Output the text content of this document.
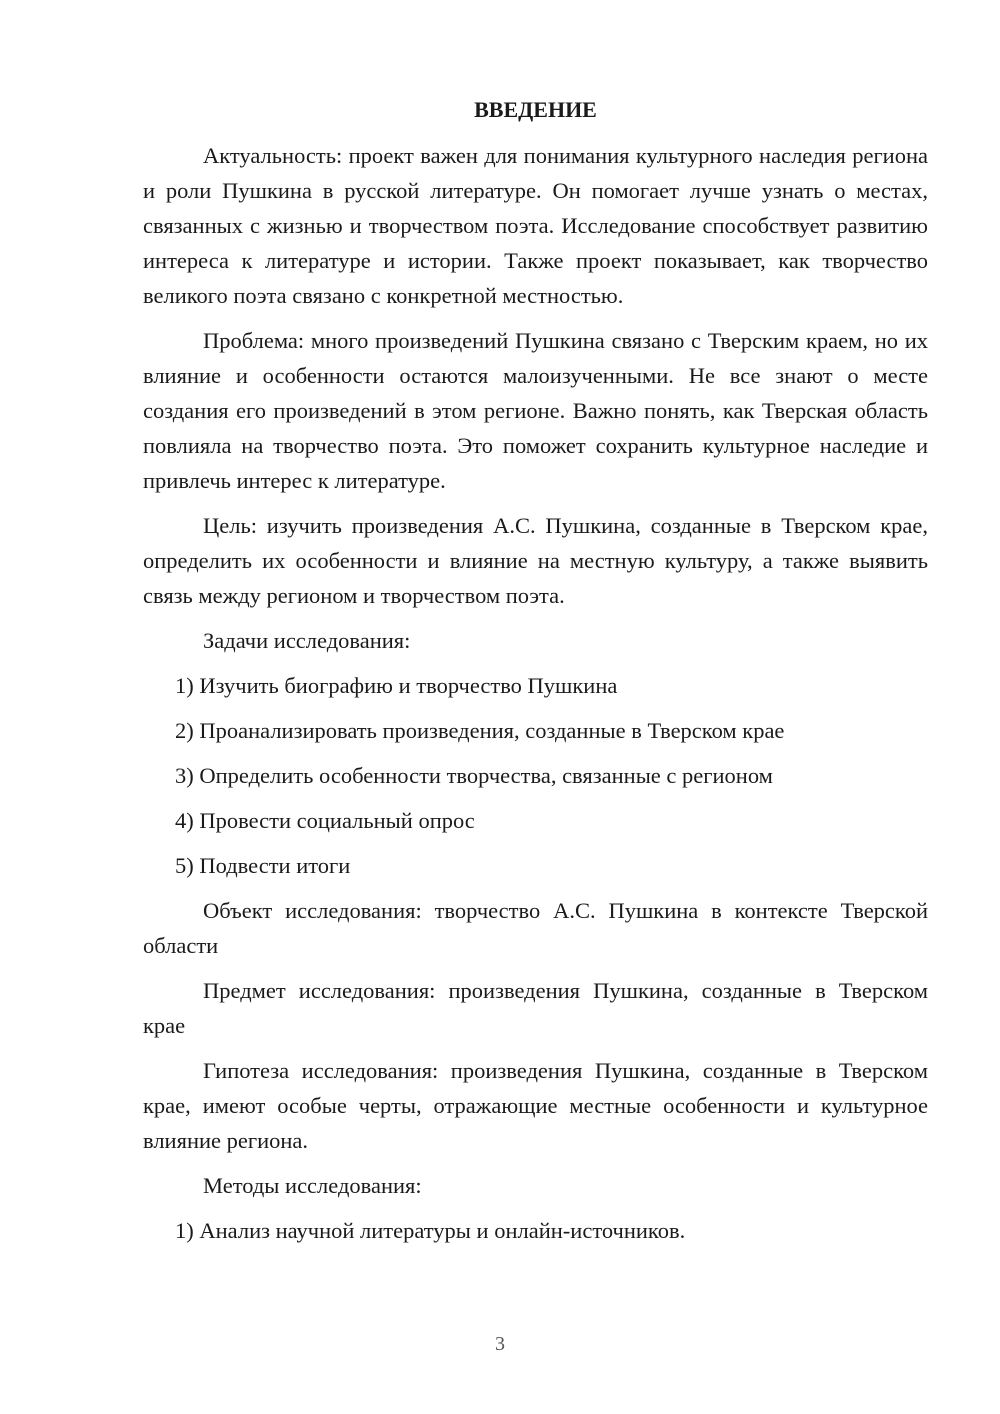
ВВЕДЕНИЕ

Актуальность: проект важен для понимания культурного наследия региона и роли Пушкина в русской литературе. Он помогает лучше узнать о местах, связанных с жизнью и творчеством поэта. Исследование способствует развитию интереса к литературе и истории. Также проект показывает, как творчество великого поэта связано с конкретной местностью.

Проблема: много произведений Пушкина связано с Тверским краем, но их влияние и особенности остаются малоизученными. Не все знают о месте создания его произведений в этом регионе. Важно понять, как Тверская область повлияла на творчество поэта. Это поможет сохранить культурное наследие и привлечь интерес к литературе.

Цель: изучить произведения А.С. Пушкина, созданные в Тверском крае, определить их особенности и влияние на местную культуру, а также выявить связь между регионом и творчеством поэта.

Задачи исследования:

1) Изучить биографию и творчество Пушкина
2) Проанализировать произведения, созданные в Тверском крае
3) Определить особенности творчества, связанные с регионом
4) Провести социальный опрос
5) Подвести итоги

Объект исследования: творчество А.С. Пушкина в контексте Тверской области

Предмет исследования: произведения Пушкина, созданные в Тверском крае

Гипотеза исследования: произведения Пушкина, созданные в Тверском крае, имеют особые черты, отражающие местные особенности и культурное влияние региона.

Методы исследования:

1) Анализ научной литературы и онлайн-источников.
3
